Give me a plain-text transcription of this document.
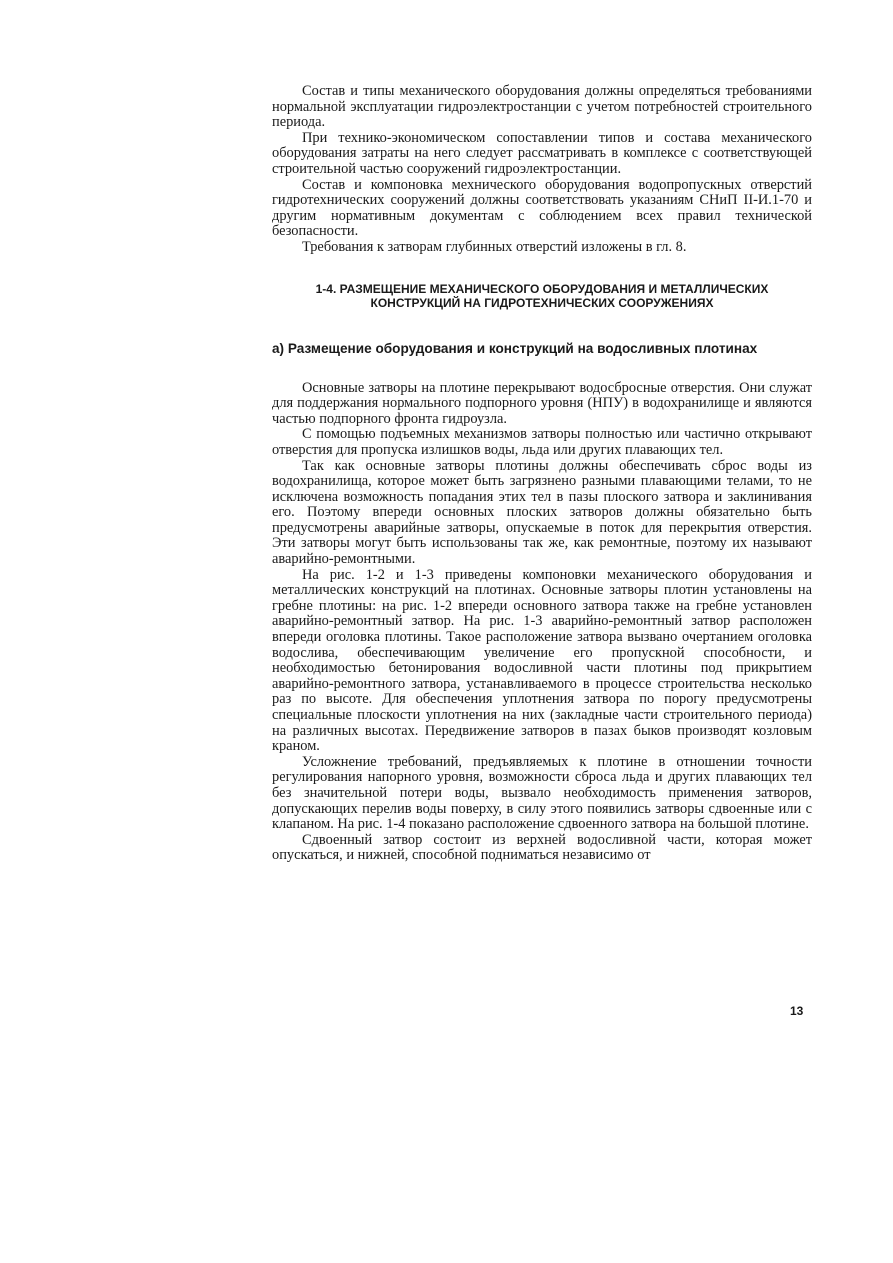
Состав и типы механического оборудования должны определяться требованиями нормальной эксплуатации гидроэлектростанции с учетом потребностей строительного периода.

При технико-экономическом сопоставлении типов и состава механического оборудования затраты на него следует рассматривать в комплексе с соответствующей строительной частью сооружений гидроэлектростанции.

Состав и компоновка мехнического оборудования водопропускных отверстий гидротехнических сооружений должны соответствовать указаниям СНиП II-И.1-70 и другим нормативным документам с соблюдением всех правил технической безопасности.

Требования к затворам глубинных отверстий изложены в гл. 8.

1-4. РАЗМЕЩЕНИЕ МЕХАНИЧЕСКОГО ОБОРУДОВАНИЯ И МЕТАЛЛИЧЕСКИХ КОНСТРУКЦИЙ НА ГИДРОТЕХНИЧЕСКИХ СООРУЖЕНИЯХ
а) Размещение оборудования и конструкций на водосливных плотинах

Основные затворы на плотине перекрывают водосбросные отверстия. Они служат для поддержания нормального подпорного уровня (НПУ) в водохранилище и являются частью подпорного фронта гидроузла.

С помощью подъемных механизмов затворы полностью или частично открывают отверстия для пропуска излишков воды, льда или других плавающих тел.

Так как основные затворы плотины должны обеспечивать сброс воды из водохранилища, которое может быть загрязнено разными плавающими телами, то не исключена возможность попадания этих тел в пазы плоского затвора и заклинивания его. Поэтому впереди основных плоских затворов должны обязательно быть предусмотрены аварийные затворы, опускаемые в поток для перекрытия отверстия. Эти затворы могут быть использованы так же, как ремонтные, поэтому их называют аварийно-ремонтными.

На рис. 1-2 и 1-3 приведены компоновки механического оборудования и металлических конструкций на плотинах. Основные затворы плотин установлены на гребне плотины: на рис. 1-2 впереди основного затвора также на гребне установлен аварийно-ремонтный затвор. На рис. 1-3 аварийно-ремонтный затвор расположен впереди оголовка плотины. Такое расположение затвора вызвано очертанием оголовка водослива, обеспечивающим увеличение его пропускной способности, и необходимостью бетонирования водосливной части плотины под прикрытием аварийно-ремонтного затвора, устанавливаемого в процессе строительства несколько раз по высоте. Для обеспечения уплотнения затвора по порогу предусмотрены специальные плоскости уплотнения на них (закладные части строительного периода) на различных высотах. Передвижение затворов в пазах быков производят козловым краном.

Усложнение требований, предъявляемых к плотине в отношении точности регулирования напорного уровня, возможности сброса льда и других плавающих тел без значительной потери воды, вызвало необходимость применения затворов, допускающих перелив воды поверху, в силу этого появились затворы сдвоенные или с клапаном. На рис. 1-4 показано расположение сдвоенного затвора на большой плотине.

Сдвоенный затвор состоит из верхней водосливной части, которая может опускаться, и нижней, способной подниматься независимо от

13
